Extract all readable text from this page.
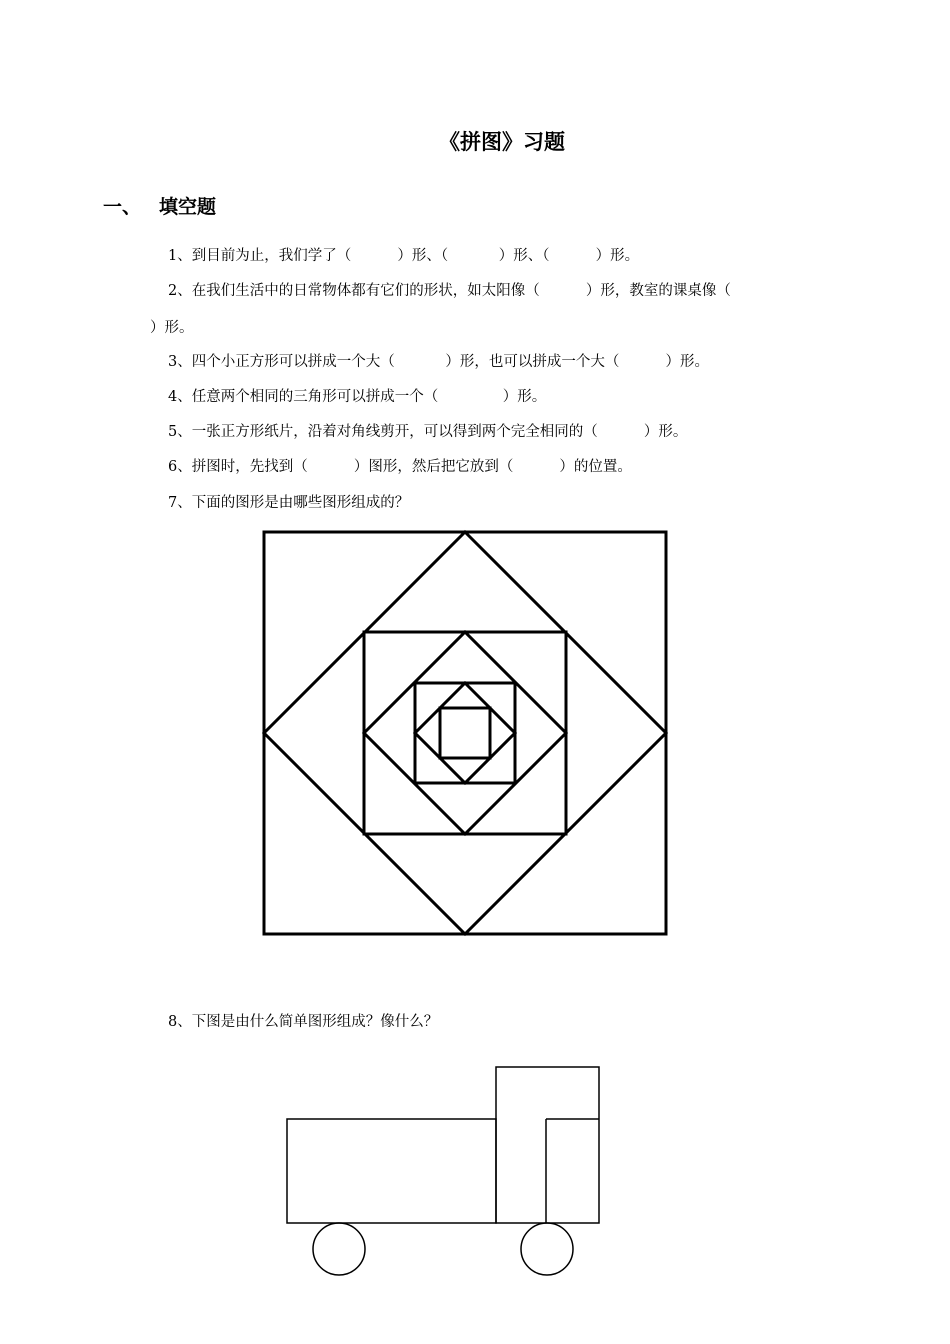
《拼图》习题
一、 填空题
1、到目前为止，我们学了（          ）形、（           ）形、（          ）形。
2、在我们生活中的日常物体都有它们的形状，如太阳像（          ）形，教室的课桌像（
）形。
3、四个小正方形可以拼成一个大（           ）形，也可以拼成一个大（          ）形。
4、任意两个相同的三角形可以拼成一个（              ）形。
5、一张正方形纸片，沿着对角线剪开，可以得到两个完全相同的（          ）形。
6、拼图时，先找到（          ）图形，然后把它放到（          ）的位置。
7、下面的图形是由哪些图形组成的？
8、下图是由什么简单图形组成？像什么？
